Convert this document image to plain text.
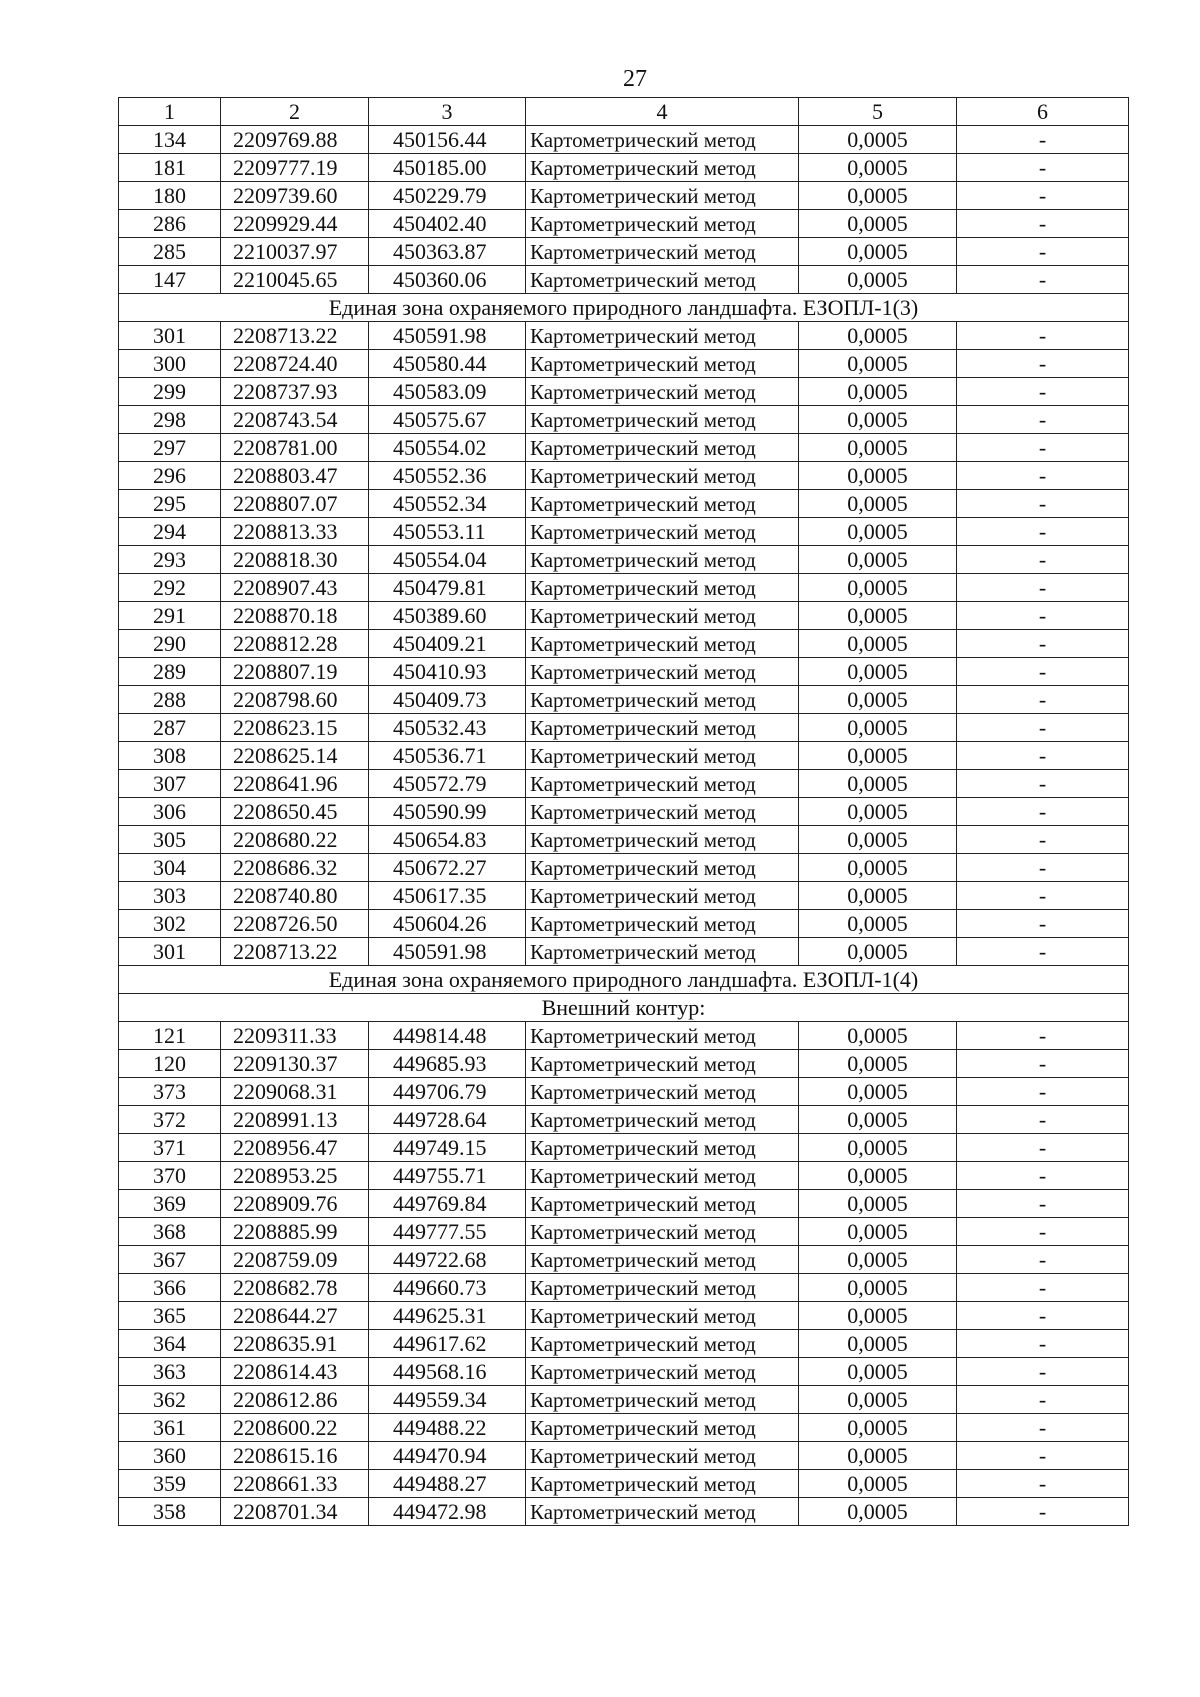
27
1	2	3	4	5	6
134	2209769.88	450156.44	Картометрический метод	0,0005	-
181	2209777.19	450185.00	Картометрический метод	0,0005	-
180	2209739.60	450229.79	Картометрический метод	0,0005	-
286	2209929.44	450402.40	Картометрический метод	0,0005	-
285	2210037.97	450363.87	Картометрический метод	0,0005	-
147	2210045.65	450360.06	Картометрический метод	0,0005	-
Единая зона охраняемого природного ландшафта. ЕЗОПЛ-1(3)					
301	2208713.22	450591.98	Картометрический метод	0,0005	-
300	2208724.40	450580.44	Картометрический метод	0,0005	-
299	2208737.93	450583.09	Картометрический метод	0,0005	-
298	2208743.54	450575.67	Картометрический метод	0,0005	-
297	2208781.00	450554.02	Картометрический метод	0,0005	-
296	2208803.47	450552.36	Картометрический метод	0,0005	-
295	2208807.07	450552.34	Картометрический метод	0,0005	-
294	2208813.33	450553.11	Картометрический метод	0,0005	-
293	2208818.30	450554.04	Картометрический метод	0,0005	-
292	2208907.43	450479.81	Картометрический метод	0,0005	-
291	2208870.18	450389.60	Картометрический метод	0,0005	-
290	2208812.28	450409.21	Картометрический метод	0,0005	-
289	2208807.19	450410.93	Картометрический метод	0,0005	-
288	2208798.60	450409.73	Картометрический метод	0,0005	-
287	2208623.15	450532.43	Картометрический метод	0,0005	-
308	2208625.14	450536.71	Картометрический метод	0,0005	-
307	2208641.96	450572.79	Картометрический метод	0,0005	-
306	2208650.45	450590.99	Картометрический метод	0,0005	-
305	2208680.22	450654.83	Картометрический метод	0,0005	-
304	2208686.32	450672.27	Картометрический метод	0,0005	-
303	2208740.80	450617.35	Картометрический метод	0,0005	-
302	2208726.50	450604.26	Картометрический метод	0,0005	-
301	2208713.22	450591.98	Картометрический метод	0,0005	-
Единая зона охраняемого природного ландшафта. ЕЗОПЛ-1(4)					
Внешний контур:					
121	2209311.33	449814.48	Картометрический метод	0,0005	-
120	2209130.37	449685.93	Картометрический метод	0,0005	-
373	2209068.31	449706.79	Картометрический метод	0,0005	-
372	2208991.13	449728.64	Картометрический метод	0,0005	-
371	2208956.47	449749.15	Картометрический метод	0,0005	-
370	2208953.25	449755.71	Картометрический метод	0,0005	-
369	2208909.76	449769.84	Картометрический метод	0,0005	-
368	2208885.99	449777.55	Картометрический метод	0,0005	-
367	2208759.09	449722.68	Картометрический метод	0,0005	-
366	2208682.78	449660.73	Картометрический метод	0,0005	-
365	2208644.27	449625.31	Картометрический метод	0,0005	-
364	2208635.91	449617.62	Картометрический метод	0,0005	-
363	2208614.43	449568.16	Картометрический метод	0,0005	-
362	2208612.86	449559.34	Картометрический метод	0,0005	-
361	2208600.22	449488.22	Картометрический метод	0,0005	-
360	2208615.16	449470.94	Картометрический метод	0,0005	-
359	2208661.33	449488.27	Картометрический метод	0,0005	-
358	2208701.34	449472.98	Картометрический метод	0,0005	-
